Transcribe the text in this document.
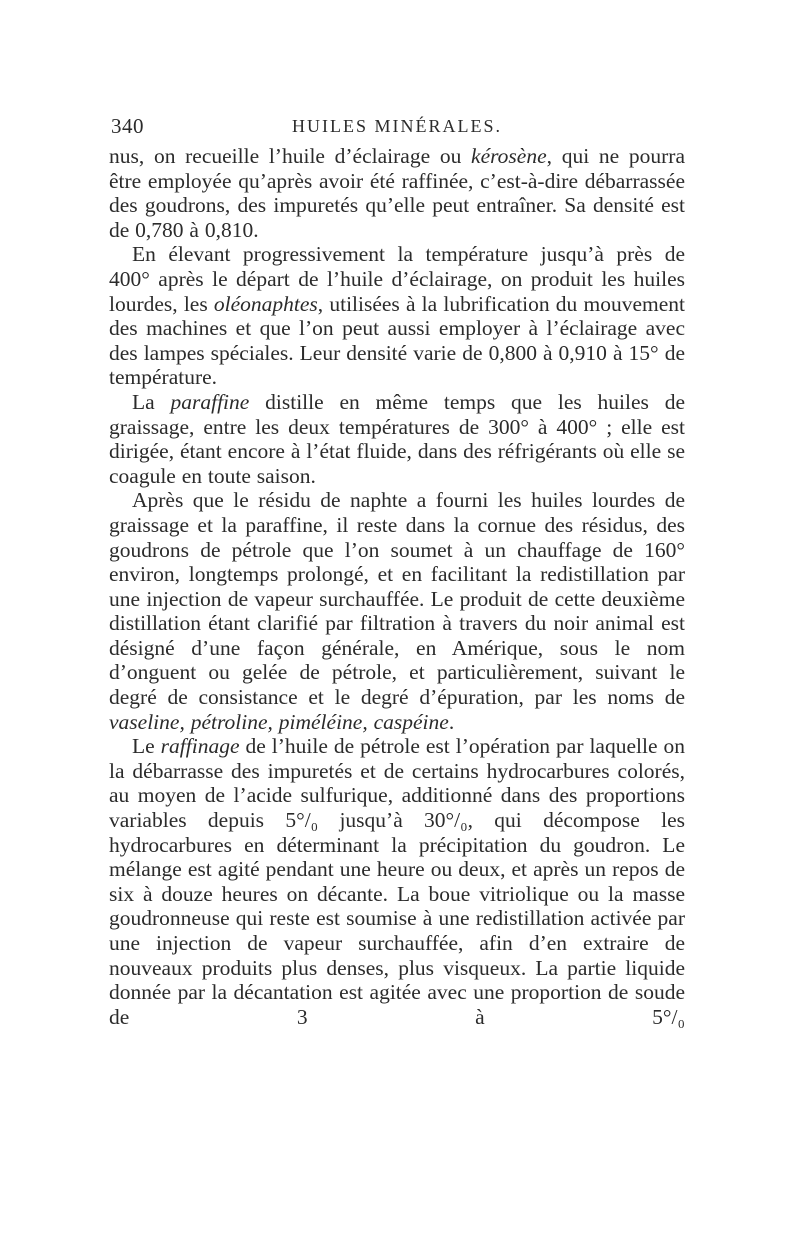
340	HUILES MINÉRALES.

nus, on recueille l’huile d’éclairage ou kérosène, qui ne pourra être employée qu’après avoir été raffinée, c’est-à-dire débarrassée des goudrons, des impuretés qu’elle peut entraîner. Sa densité est de 0,780 à 0,810.

En élevant progressivement la température jusqu’à près de 400° après le départ de l’huile d’éclairage, on produit les huiles lourdes, les oléonaphtes, utilisées à la lubrification du mouvement des machines et que l’on peut aussi employer à l’éclairage avec des lampes spéciales. Leur densité varie de 0,800 à 0,910 à 15° de température.

La paraffine distille en même temps que les huiles de graissage, entre les deux températures de 300° à 400° ; elle est dirigée, étant encore à l’état fluide, dans des réfrigérants où elle se coagule en toute saison.

Après que le résidu de naphte a fourni les huiles lourdes de graissage et la paraffine, il reste dans la cornue des résidus, des goudrons de pétrole que l’on soumet à un chauffage de 160° environ, longtemps prolongé, et en facilitant la redistillation par une injection de vapeur surchauffée. Le produit de cette deuxième distillation étant clarifié par filtration à travers du noir animal est désigné d’une façon générale, en Amérique, sous le nom d’onguent ou gelée de pétrole, et particulièrement, suivant le degré de consistance et le degré d’épuration, par les noms de vaseline, pétroline, piméléine, caspéine.

Le raffinage de l’huile de pétrole est l’opération par laquelle on la débarrasse des impuretés et de certains hydrocarbures colorés, au moyen de l’acide sulfurique, additionné dans des proportions variables depuis 5°/₀ jusqu’à 30°/₀, qui décompose les hydrocarbures en déterminant la précipitation du goudron. Le mélange est agité pendant une heure ou deux, et après un repos de six à douze heures on décante. La boue vitriolique ou la masse goudronneuse qui reste est soumise à une redistillation activée par une injection de vapeur surchauffée, afin d’en extraire de nouveaux produits plus denses, plus visqueux. La partie liquide donnée par la décantation est agitée avec une proportion de soude de 3 à 5°/₀
